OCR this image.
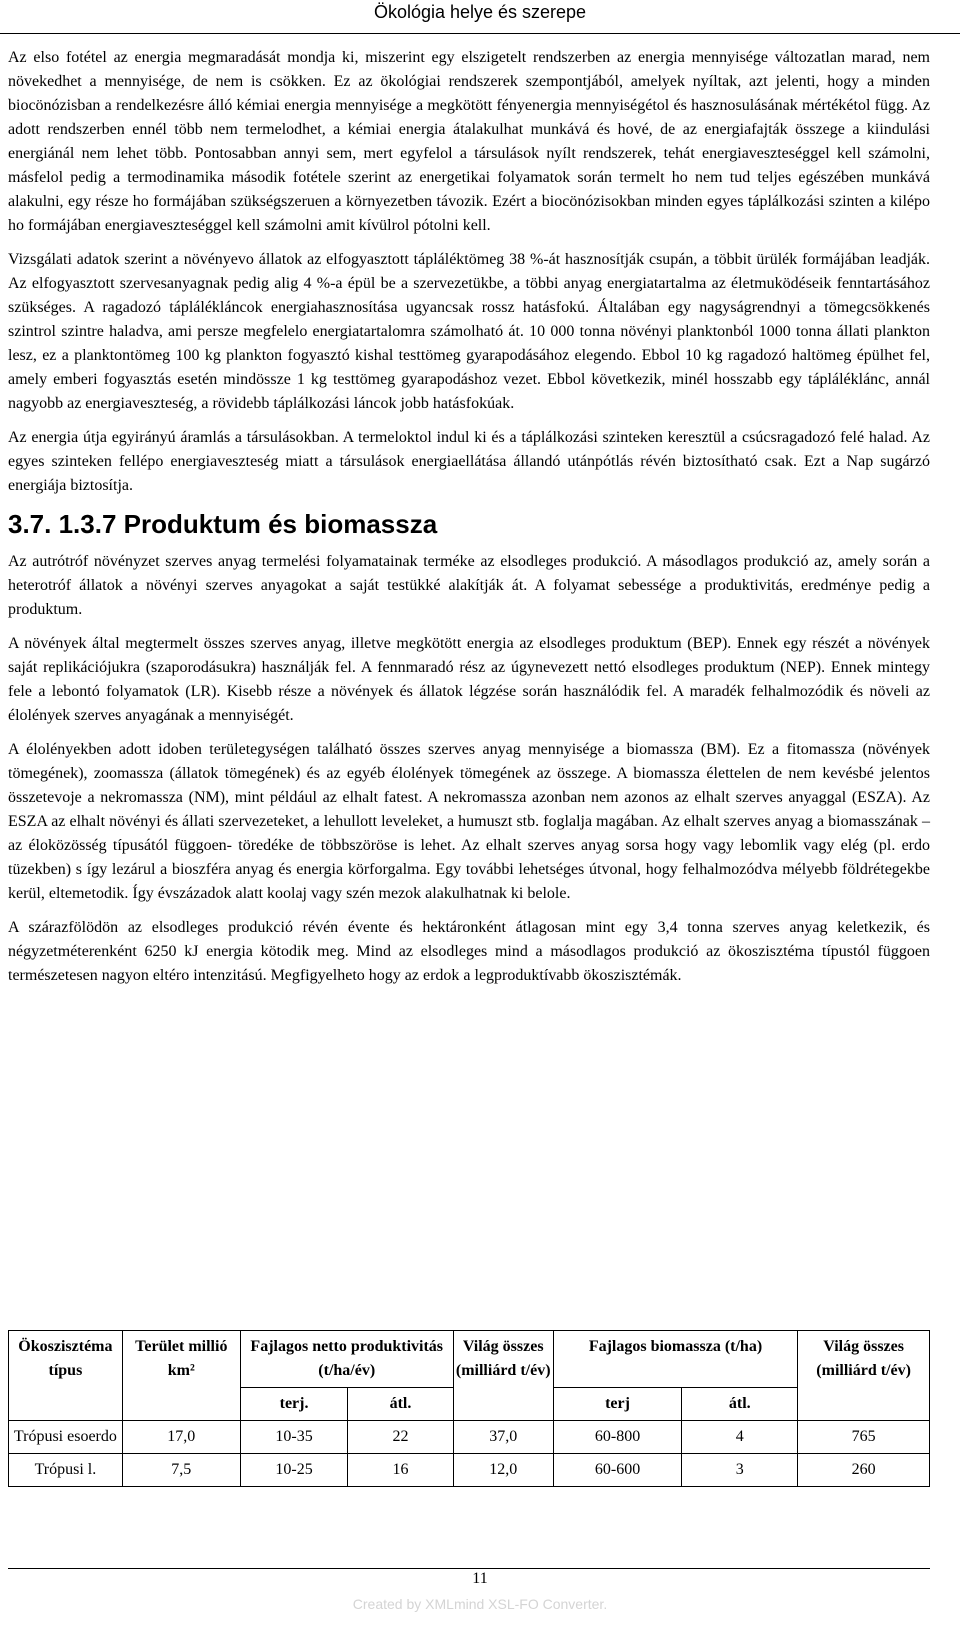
Ökológia helye és szerepe

Az elso fotétel az energia megmaradását mondja ki, miszerint egy elszigetelt rendszerben az energia mennyisége változatlan marad, nem növekedhet a mennyisége, de nem is csökken. Ez az ökológiai rendszerek szempontjából, amelyek nyíltak, azt jelenti, hogy a minden biocönózisban a rendelkezésre álló kémiai energia mennyisége a megkötött fényenergia mennyiségétol és hasznosulásának mértékétol függ. Az adott rendszerben ennél több nem termelodhet, a kémiai energia átalakulhat munkává és hové, de az energiafajták összege a kiindulási energiánál nem lehet több. Pontosabban annyi sem, mert egyfelol a társulások nyílt rendszerek, tehát energiaveszteséggel kell számolni, másfelol pedig a termodinamika második fotétele szerint az energetikai folyamatok során termelt ho nem tud teljes egészében munkává alakulni, egy része ho formájában szükségszeruen a környezetben távozik. Ezért a biocönózisokban minden egyes táplálkozási szinten a kilépo ho formájában energiaveszteséggel kell számolni amit kívülrol pótolni kell.

Vizsgálati adatok szerint a növényevo állatok az elfogyasztott tápláléktömeg 38 %-át hasznosítják csupán, a többit ürülék formájában leadják. Az elfogyasztott szervesanyagnak pedig alig 4 %-a épül be a szervezetükbe, a többi anyag energiatartalma az életmuködéseik fenntartásához szükséges. A ragadozó táplálékláncok energiahasznosítása ugyancsak rossz hatásfokú. Általában egy nagyságrendnyi a tömegcsökkenés szintrol szintre haladva, ami persze megfelelo energiatartalomra számolható át. 10 000 tonna növényi planktonból 1000 tonna állati plankton lesz, ez a planktontömeg 100 kg plankton fogyasztó kishal testtömeg gyarapodásához elegendo. Ebbol 10 kg ragadozó haltömeg épülhet fel, amely emberi fogyasztás esetén mindössze 1 kg testtömeg gyarapodáshoz vezet. Ebbol következik, minél hosszabb egy tápláléklánc, annál nagyobb az energiaveszteség, a rövidebb táplálkozási láncok jobb hatásfokúak.

Az energia útja egyirányú áramlás a társulásokban. A termeloktol indul ki és a táplálkozási szinteken keresztül a csúcsragadozó felé halad. Az egyes szinteken fellépo energiaveszteség miatt a társulások energiaellátása állandó utánpótlás révén biztosítható csak. Ezt a Nap sugárzó energiája biztosítja.

3.7. 1.3.7 Produktum és biomassza

Az autrótróf növényzet szerves anyag termelési folyamatainak terméke az elsodleges produkció. A másodlagos produkció az, amely során a heterotróf állatok a növényi szerves anyagokat a saját testükké alakítják át. A folyamat sebessége a produktivitás, eredménye pedig a produktum.

A növények által megtermelt összes szerves anyag, illetve megkötött energia az elsodleges produktum (BEP). Ennek egy részét a növények saját replikációjukra (szaporodásukra) használják fel. A fennmaradó rész az úgynevezett nettó elsodleges produktum (NEP). Ennek mintegy fele a lebontó folyamatok (LR). Kisebb része a növények és állatok légzése során használódik fel. A maradék felhalmozódik és növeli az élolények szerves anyagának a mennyiségét.

A élolényekben adott idoben területegységen található összes szerves anyag mennyisége a biomassza (BM). Ez a fitomassza (növények tömegének), zoomassza (állatok tömegének) és az egyéb élolények tömegének az összege. A biomassza élettelen de nem kevésbé jelentos összetevoje a nekromassza (NM), mint például az elhalt fatest. A nekromassza azonban nem azonos az elhalt szerves anyaggal (ESZA). Az ESZA az elhalt növényi és állati szervezeteket, a lehullott leveleket, a humuszt stb. foglalja magában. Az elhalt szerves anyag a biomasszának – az éloközösség típusától függoen- töredéke de többszöröse is lehet. Az elhalt szerves anyag sorsa hogy vagy lebomlik vagy elég (pl. erdo tüzekben) s így lezárul a bioszféra anyag és energia körforgalma. Egy további lehetséges útvonal, hogy felhalmozódva mélyebb földrétegekbe kerül, eltemetodik. Így évszázadok alatt koolaj vagy szén mezok alakulhatnak ki belole.

A szárazfölödön az elsodleges produkció révén évente és hektáronként átlagosan mint egy 3,4 tonna szerves anyag keletkezik, és négyzetméterenként 6250 kJ energia kötodik meg. Mind az elsodleges mind a másodlagos produkció az ökoszisztéma típustól függoen természetesen nagyon eltéro intenzitású. Megfigyelheto hogy az erdok a legproduktívabb ökoszisztémák.

Ökoszisztéma típus	Terület millió km²	Fajlagos netto produktivitás (t/ha/év)		Világ összes (milliárd t/év)	Fajlagos biomassza (t/ha)		Világ összes (milliárd t/év)
		terj.	átl.		terj	átl.	
Trópusi esoerdo	17,0	10-35	22	37,0	60-800	4	765
Trópusi l.	7,5	10-25	16	12,0	60-600	3	260
11
Created by XMLmind XSL-FO Converter.
